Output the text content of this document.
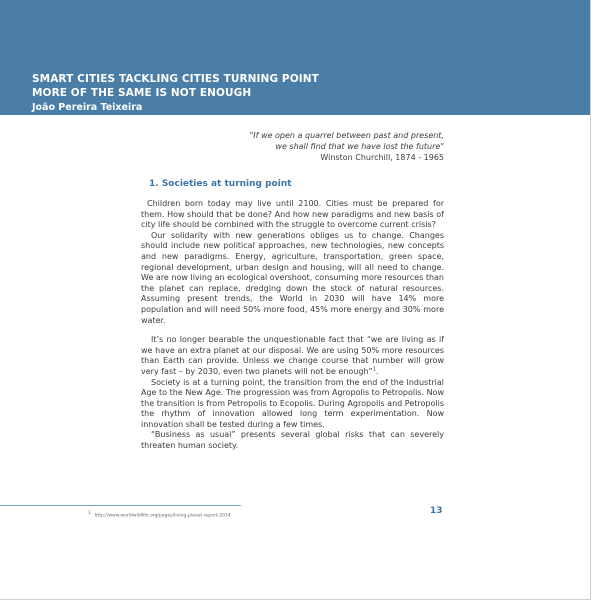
SMART CITIES TACKLING CITIES TURNING POINT
MORE OF THE SAME IS NOT ENOUGH
João Pereira Teixeira
"If we open a quarrel between past and present,
we shall find that we have lost the future"
Winston Churchill, 1874 - 1965
1. Societies at turning point

Children born today may live until 2100. Cities must be prepared for them. How should that be done? And how new paradigms and new basis of city life should be combined with the struggle to overcome current crisis?

Our solidarity with new generations obliges us to change. Changes should include new political approaches, new technologies, new concepts and new paradigms. Energy, agriculture, transportation, green space, regional development, urban design and housing, will all need to change. We are now living an ecological overshoot, consuming more resources than the planet can replace, dredging down the stock of natural resources. Assuming present trends, the World in 2030 will have 14% more population and will need 50% more food, 45% more energy and 30% more water.

It’s no longer bearable the unquestionable fact that “we are living as if we have an extra planet at our disposal. We are using 50% more resources than Earth can provide. Unless we change course that number will grow very fast – by 2030, even two planets will not be enough”$^1$.

Society is at a turning point, the transition from the end of the Industrial Age to the New Age. The progression was from Agropolis to Petropolis. Now the transition is from Petropolis to Ecopolis. During Agropolis and Petropolis the rhythm of innovation allowed long term experimentation. Now innovation shall be tested during a few times.

“Business as usual” presents several global risks that can severely threaten human society.

1http://www.worldwildlife.org/pages/living-planet-report-2014	13
